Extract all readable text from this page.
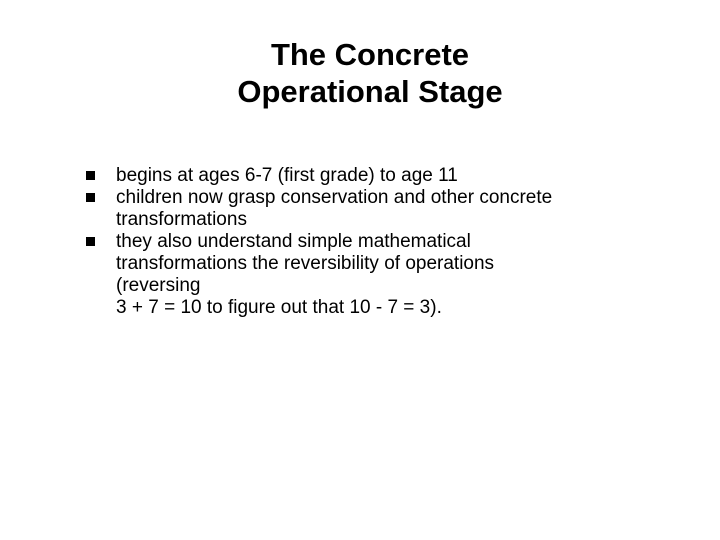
The Concrete
Operational Stage
begins at ages 6-7 (first grade) to age 11
children now grasp conservation and other concrete
transformations
they also understand simple mathematical
transformations the reversibility of operations
(reversing
3 + 7 = 10 to figure out that 10 - 7 = 3).
